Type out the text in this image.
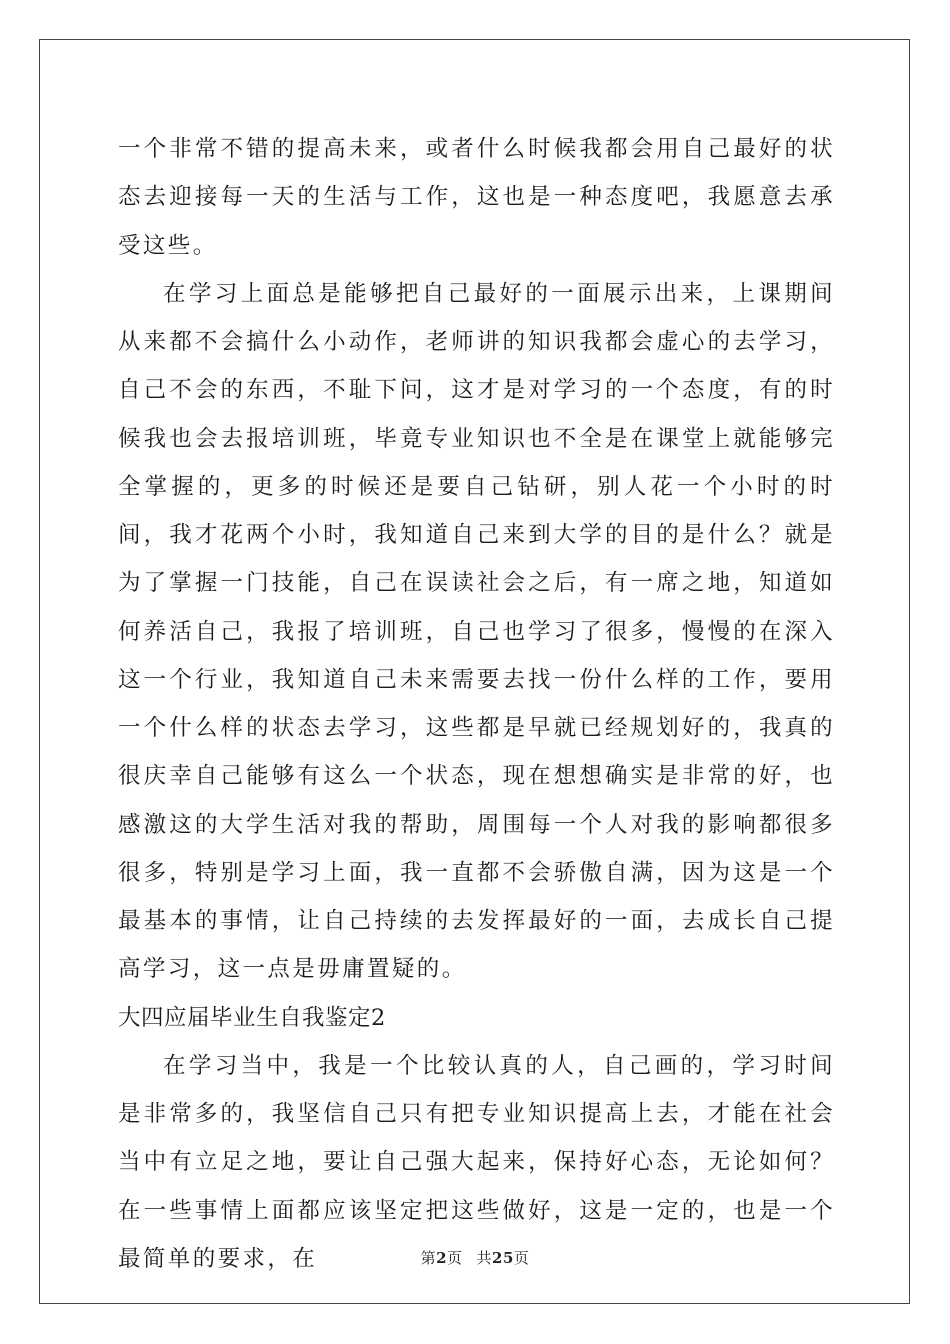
一个非常不错的提高未来，或者什么时候我都会用自己最好的状态去迎接每一天的生活与工作，这也是一种态度吧，我愿意去承受这些。

在学习上面总是能够把自己最好的一面展示出来，上课期间从来都不会搞什么小动作，老师讲的知识我都会虚心的去学习，自己不会的东西，不耻下问，这才是对学习的一个态度，有的时候我也会去报培训班，毕竟专业知识也不全是在课堂上就能够完全掌握的，更多的时候还是要自己钻研，别人花一个小时的时间，我才花两个小时，我知道自己来到大学的目的是什么？就是为了掌握一门技能，自己在误读社会之后，有一席之地，知道如何养活自己，我报了培训班，自己也学习了很多，慢慢的在深入这一个行业，我知道自己未来需要去找一份什么样的工作，要用一个什么样的状态去学习，这些都是早就已经规划好的，我真的很庆幸自己能够有这么一个状态，现在想想确实是非常的好，也感激这的大学生活对我的帮助，周围每一个人对我的影响都很多很多，特别是学习上面，我一直都不会骄傲自满，因为这是一个最基本的事情，让自己持续的去发挥最好的一面，去成长自己提高学习，这一点是毋庸置疑的。

大四应届毕业生自我鉴定2

在学习当中，我是一个比较认真的人，自己画的，学习时间是非常多的，我坚信自己只有把专业知识提高上去，才能在社会当中有立足之地，要让自己强大起来，保持好心态，无论如何？在一些事情上面都应该坚定把这些做好，这是一定的，也是一个最简单的要求，在	第2页 共25页
